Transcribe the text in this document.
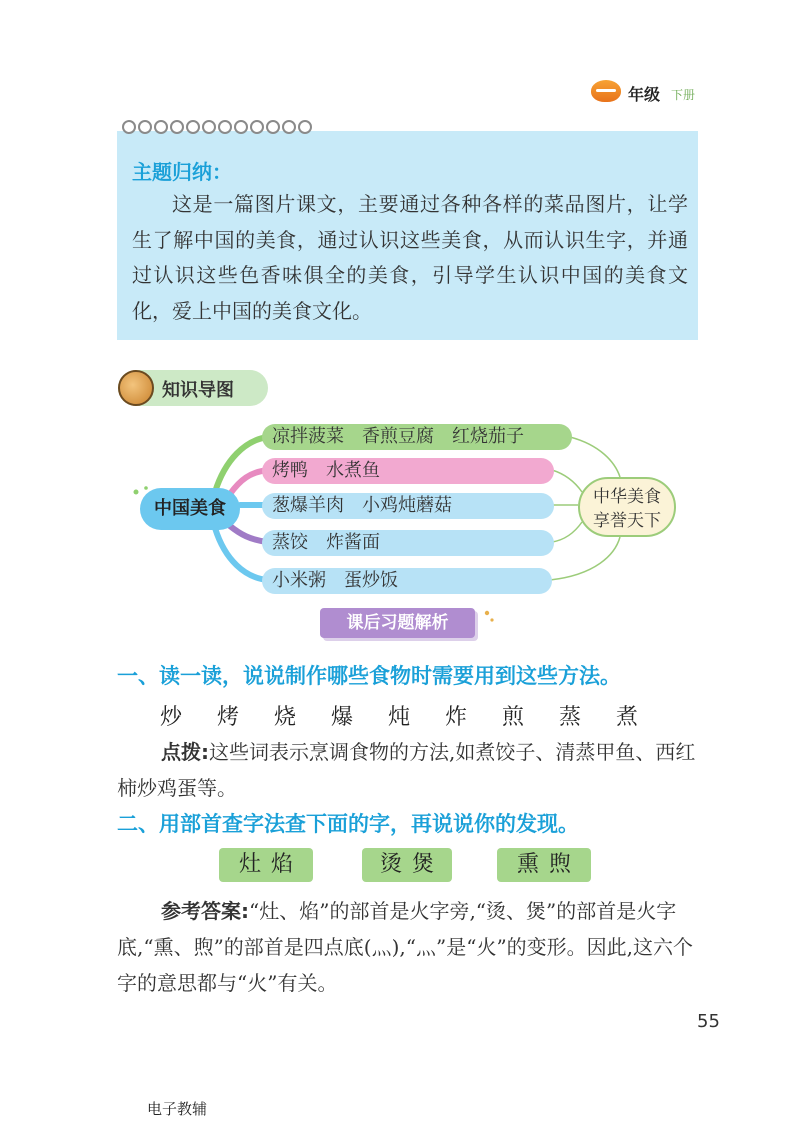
年级 下册
主题归纳：
这是一篇图片课文，主要通过各种各样的菜品图片，让学生了解中国的美食，通过认识这些美食，从而认识生字，并通过认识这些色香味俱全的美食，引导学生认识中国的美食文化，爱上中国的美食文化。
知识导图
中国美食
凉拌菠菜　香煎豆腐　红烧茄子
烤鸭　水煮鱼
葱爆羊肉　小鸡炖蘑菇
蒸饺　炸酱面
小米粥　蛋炒饭
中华美食
享誉天下
课后习题解析
一、读一读，说说制作哪些食物时需要用到这些方法。
炒 烤 烧 爆 炖 炸 煎 蒸 煮
点拨:这些词表示烹调食物的方法,如煮饺子、清蒸甲鱼、西红柿炒鸡蛋等。
二、用部首查字法查下面的字，再说说你的发现。
灶焰	烫煲	熏煦
参考答案:“灶、焰”的部首是火字旁,“烫、煲”的部首是火字底,“熏、煦”的部首是四点底(灬),“灬”是“火”的变形。因此,这六个字的意思都与“火”有关。
55
电子教辅
